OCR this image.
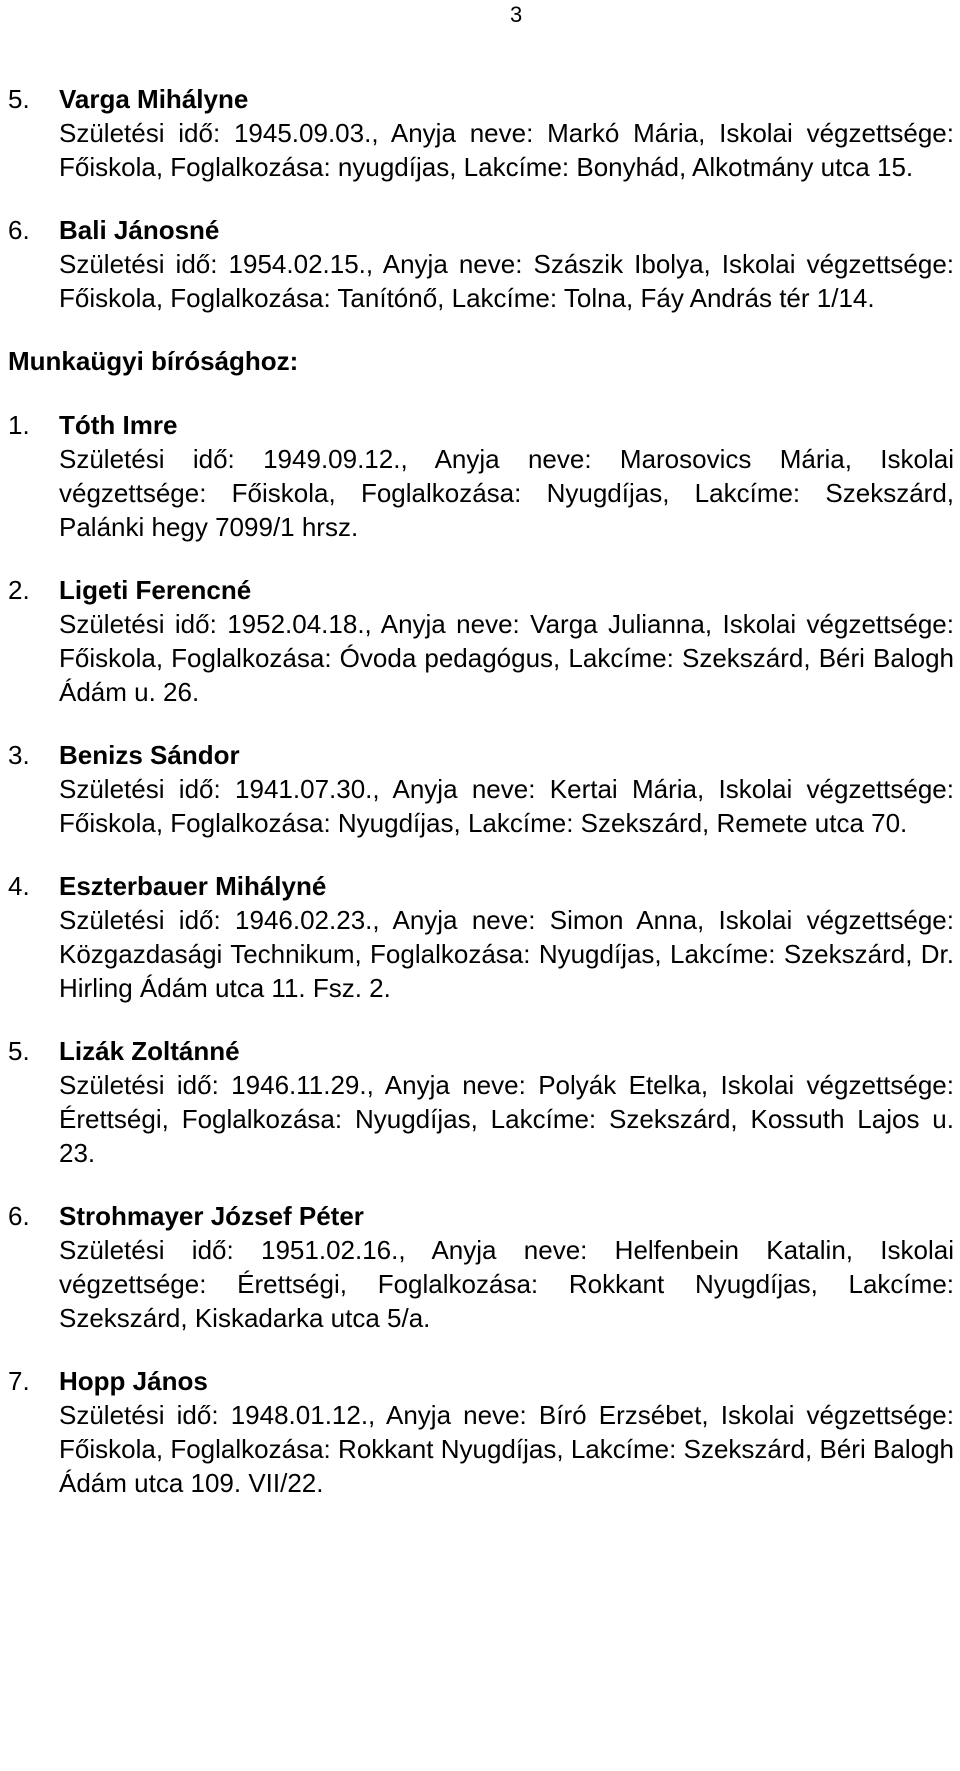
3
5.	Varga Mihályne
Születési idő: 1945.09.03., Anyja neve: Markó Mária, Iskolai végzettsége: Főiskola, Foglalkozása: nyugdíjas, Lakcíme: Bonyhád, Alkotmány utca 15.
6.	Bali Jánosné
Születési idő: 1954.02.15., Anyja neve: Szászik Ibolya, Iskolai végzettsége: Főiskola, Foglalkozása: Tanítónő, Lakcíme: Tolna, Fáy András tér 1/14.
Munkaügyi bírósághoz:
1.	Tóth Imre
Születési idő: 1949.09.12., Anyja neve: Marosovics Mária, Iskolai végzettsége: Főiskola, Foglalkozása: Nyugdíjas, Lakcíme: Szekszárd, Palánki hegy 7099/1 hrsz.
2.	Ligeti Ferencné
Születési idő: 1952.04.18., Anyja neve: Varga Julianna, Iskolai végzettsége: Főiskola, Foglalkozása: Óvoda pedagógus, Lakcíme: Szekszárd, Béri Balogh Ádám u. 26.
3.	Benizs Sándor
Születési idő: 1941.07.30., Anyja neve: Kertai Mária, Iskolai végzettsége: Főiskola, Foglalkozása: Nyugdíjas, Lakcíme: Szekszárd, Remete utca 70.
4.	Eszterbauer Mihályné
Születési idő: 1946.02.23., Anyja neve: Simon Anna, Iskolai végzettsége: Közgazdasági Technikum, Foglalkozása: Nyugdíjas, Lakcíme: Szekszárd, Dr. Hirling Ádám utca 11. Fsz. 2.
5.	Lizák Zoltánné
Születési idő: 1946.11.29., Anyja neve: Polyák Etelka, Iskolai végzettsége: Érettségi, Foglalkozása: Nyugdíjas, Lakcíme: Szekszárd, Kossuth Lajos u. 23.
6.	Strohmayer József Péter
Születési idő: 1951.02.16., Anyja neve: Helfenbein Katalin, Iskolai végzettsége: Érettségi, Foglalkozása: Rokkant Nyugdíjas, Lakcíme: Szekszárd, Kiskadarka utca 5/a.
7.	Hopp János
Születési idő: 1948.01.12., Anyja neve: Bíró Erzsébet, Iskolai végzettsége: Főiskola, Foglalkozása: Rokkant Nyugdíjas, Lakcíme: Szekszárd, Béri Balogh Ádám utca 109. VII/22.
